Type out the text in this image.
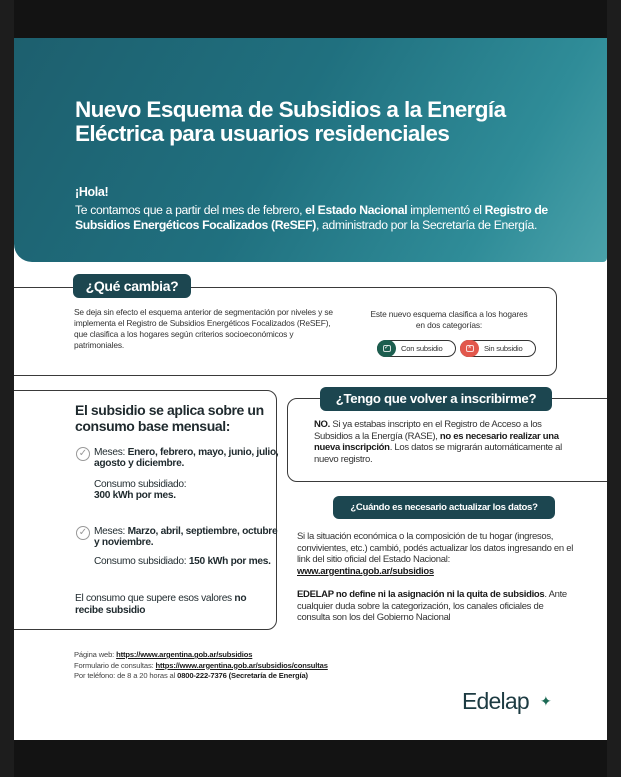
Nuevo Esquema de Subsidios a la Energía Eléctrica para usuarios residenciales
¡Hola!
Te contamos que a partir del mes de febrero, el Estado Nacional implementó el Registro de Subsidios Energéticos Focalizados (ReSEF), administrado por la Secretaría de Energía.
¿Qué cambia?
Se deja sin efecto el esquema anterior de segmentación por niveles y se implementa el Registro de Subsidios Energéticos Focalizados (ReSEF), que clasifica a los hogares según criterios socioeconómicos y patrimoniales.
Este nuevo esquema clasifica a los hogares en dos categorías:
✓ Con subsidio	×	Sin subsidio
El subsidio se aplica sobre un consumo base mensual:
✓ Meses: Enero, febrero, mayo, junio, julio, agosto y diciembre.
Consumo subsidiado:
300 kWh por mes.
✓ Meses: Marzo, abril, septiembre, octubre y noviembre.
Consumo subsidiado: 150 kWh por mes.
El consumo que supere esos valores no recibe subsidio
¿Tengo que volver a inscribirme?
NO. Si ya estabas inscripto en el Registro de Acceso a los Subsidios a la Energía (RASE), no es necesario realizar una nueva inscripción. Los datos se migrarán automáticamente al nuevo registro.
¿Cuándo es necesario actualizar los datos?
Si la situación económica o la composición de tu hogar (ingresos, convivientes, etc.) cambió, podés actualizar los datos ingresando en el link del sitio oficial del Estado Nacional: www.argentina.gob.ar/subsidios
EDELAP no define ni la asignación ni la quita de subsidios. Ante cualquier duda sobre la categorización, los canales oficiales de consulta son los del Gobierno Nacional
Página web: https://www.argentina.gob.ar/subsidios
Formulario de consultas: https://www.argentina.gob.ar/subsidios/consultas
Por teléfono: de 8 a 20 horas al 0800-222-7376 (Secretaría de Energía)
Edelap ✦
